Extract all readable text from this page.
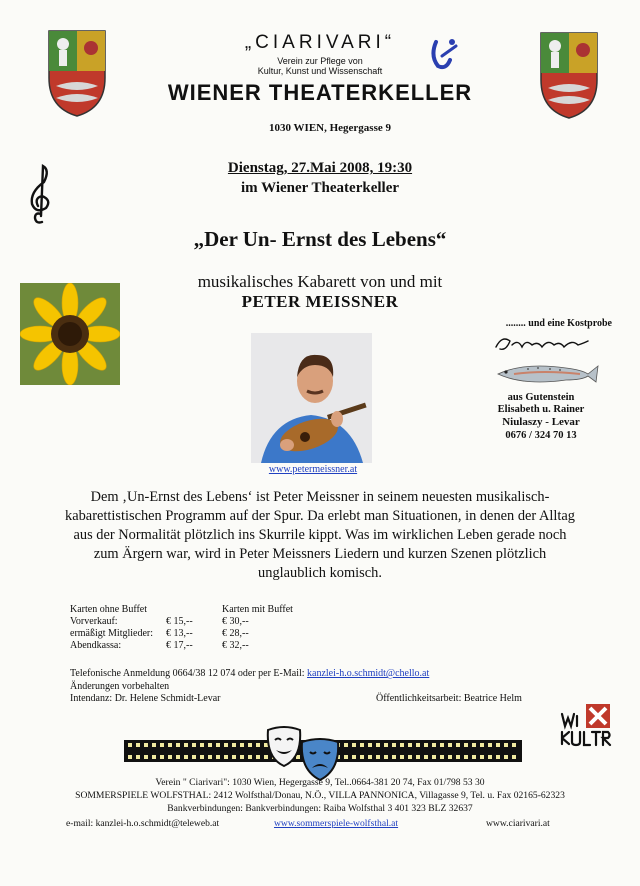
„CIARIVARI“
Verein zur Pflege von
Kultur, Kunst und Wissenschaft
WIENER THEATERKELLER
1030 WIEN, Hegergasse 9
Dienstag, 27.Mai 2008, 19:30
im Wiener Theaterkeller
„Der Un- Ernst des Lebens“
musikalisches Kabarett von und mit
PETER MEISSNER
www.petermeissner.at
........ und eine Kostprobe
aus Gutenstein
Elisabeth u. Rainer
Niulaszy - Levar
0676 / 324 70 13
Dem ‚Un-Ernst des Lebens‘ ist Peter Meissner in seinem neuesten musikalisch-kabarettistischen Programm auf der Spur. Da erlebt man Situationen, in denen der Alltag aus der Normalität plötzlich ins Skurrile kippt. Was im wirklichen Leben gerade noch zum Ärgern war, wird in Peter Meissners Liedern und kurzen Szenen plötzlich unglaublich komisch.
Karten ohne Buffet		Karten mit Buffet
Vorverkauf:	€ 15,--	€ 30,--
ermäßigt Mitglieder:	€ 13,--	€ 28,--
Abendkassa:	€ 17,--	€ 32,--
Telefonische Anmeldung 0664/38 12 074 oder per E-Mail: kanzlei-h.o.schmidt@chello.at
Änderungen vorbehalten
Intendanz: Dr. Helene Schmidt-Levar	Öffentlichkeitsarbeit: Beatrice Helm
Verein " Ciarivari": 1030 Wien, Hegergasse 9, Tel..0664-381 20 74, Fax 01/798 53 30
SOMMERSPIELE WOLFSTHAL: 2412 Wolfsthal/Donau, N.Ö., VILLA PANNONICA, Villagasse 9, Tel. u. Fax 02165-62323
Bankverbindungen: Bankverbindungen: Raiba Wolfsthal 3 401 323 BLZ 32637
e-mail: kanzlei-h.o.schmidt@teleweb.at	www.sommerspiele-wolfsthal.at	www.ciarivari.at
